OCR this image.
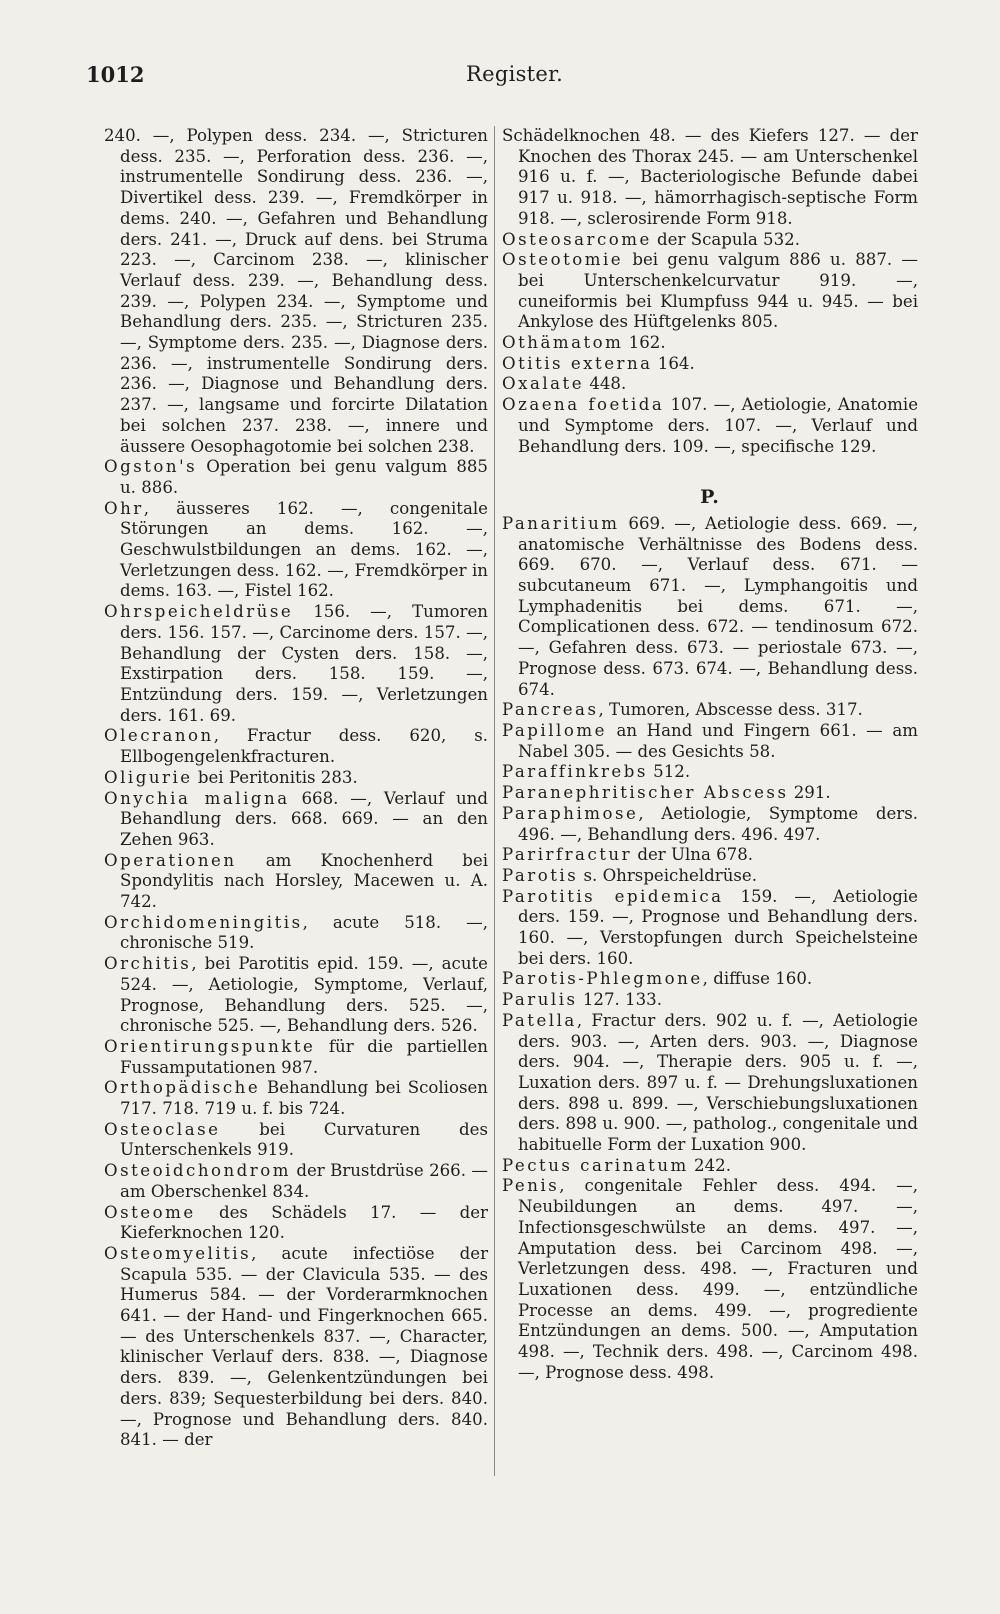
1012	Register.

240. —, Polypen dess. 234. —, Stricturen dess. 235. —, Perforation dess. 236. —, instrumentelle Sondirung dess. 236. —, Divertikel dess. 239. —, Fremdkörper in dems. 240. —, Gefahren und Behandlung ders. 241. —, Druck auf dens. bei Struma 223. —, Carcinom 238. —, klinischer Verlauf dess. 239. —, Behandlung dess. 239. —, Polypen 234. —, Symptome und Behandlung ders. 235. —, Stricturen 235. —, Symptome ders. 235. —, Diagnose ders. 236. —, instrumentelle Sondirung ders. 236. —, Diagnose und Behandlung ders. 237. —, langsame und forcirte Dilatation bei solchen 237. 238. —, innere und äussere Oesophagotomie bei solchen 238.

Ogston's Operation bei genu valgum 885 u. 886.

Ohr, äusseres 162. —, congenitale Störungen an dems. 162. —, Geschwulstbildungen an dems. 162. —, Verletzungen dess. 162. —, Fremdkörper in dems. 163. —, Fistel 162.

Ohrspeicheldrüse 156. —, Tumoren ders. 156. 157. —, Carcinome ders. 157. —, Behandlung der Cysten ders. 158. —, Exstirpation ders. 158. 159. —, Entzündung ders. 159. —, Verletzungen ders. 161. 69.

Olecranon, Fractur dess. 620, s. Ellbogengelenkfracturen.

Oligurie bei Peritonitis 283.

Onychia maligna 668. —, Verlauf und Behandlung ders. 668. 669. — an den Zehen 963.

Operationen am Knochenherd bei Spondylitis nach Horsley, Macewen u. A. 742.

Orchidomeningitis, acute 518. —, chronische 519.

Orchitis, bei Parotitis epid. 159. —, acute 524. —, Aetiologie, Symptome, Verlauf, Prognose, Behandlung ders. 525. —, chronische 525. —, Behandlung ders. 526.

Orientirungspunkte für die partiellen Fussamputationen 987.

Orthopädische Behandlung bei Scoliosen 717. 718. 719 u. f. bis 724.

Osteoclase bei Curvaturen des Unterschenkels 919.

Osteoidchondrom der Brustdrüse 266. — am Oberschenkel 834.

Osteome des Schädels 17. — der Kieferknochen 120.

Osteomyelitis, acute infectiöse der Scapula 535. — der Clavicula 535. — des Humerus 584. — der Vorderarmknochen 641. — der Hand- und Fingerknochen 665. — des Unterschenkels 837. —, Character, klinischer Verlauf ders. 838. —, Diagnose ders. 839. —, Gelenkentzündungen bei ders. 839; Sequesterbildung bei ders. 840. —, Prognose und Behandlung ders. 840. 841. — der

Schädelknochen 48. — des Kiefers 127. — der Knochen des Thorax 245. — am Unterschenkel 916 u. f. —, Bacteriologische Befunde dabei 917 u. 918. —, hämorrhagisch-septische Form 918. —, sclerosirende Form 918.

Osteosarcome der Scapula 532.

Osteotomie bei genu valgum 886 u. 887. — bei Unterschenkelcurvatur 919. —, cuneiformis bei Klumpfuss 944 u. 945. — bei Ankylose des Hüftgelenks 805.

Othämatom 162.

Otitis externa 164.

Oxalate 448.

Ozaena foetida 107. —, Aetiologie, Anatomie und Symptome ders. 107. —, Verlauf und Behandlung ders. 109. —, specifische 129.

P.

Panaritium 669. —, Aetiologie dess. 669. —, anatomische Verhältnisse des Bodens dess. 669. 670. —, Verlauf dess. 671. — subcutaneum 671. —, Lymphangoitis und Lymphadenitis bei dems. 671. —, Complicationen dess. 672. — tendinosum 672. —, Gefahren dess. 673. — periostale 673. —, Prognose dess. 673. 674. —, Behandlung dess. 674.

Pancreas, Tumoren, Abscesse dess. 317.

Papillome an Hand und Fingern 661. — am Nabel 305. — des Gesichts 58.

Paraffinkrebs 512.

Paranephritischer Abscess 291.

Paraphimose, Aetiologie, Symptome ders. 496. —, Behandlung ders. 496. 497.

Parirfractur der Ulna 678.

Parotis s. Ohrspeicheldrüse.

Parotitis epidemica 159. —, Aetiologie ders. 159. —, Prognose und Behandlung ders. 160. —, Verstopfungen durch Speichelsteine bei ders. 160.

Parotis-Phlegmone, diffuse 160.

Parulis 127. 133.

Patella, Fractur ders. 902 u. f. —, Aetiologie ders. 903. —, Arten ders. 903. —, Diagnose ders. 904. —, Therapie ders. 905 u. f. —, Luxation ders. 897 u. f. — Drehungsluxationen ders. 898 u. 899. —, Verschiebungsluxationen ders. 898 u. 900. —, patholog., congenitale und habituelle Form der Luxation 900.

Pectus carinatum 242.

Penis, congenitale Fehler dess. 494. —, Neubildungen an dems. 497. —, Infectionsgeschwülste an dems. 497. —, Amputation dess. bei Carcinom 498. —, Verletzungen dess. 498. —, Fracturen und Luxationen dess. 499. —, entzündliche Processe an dems. 499. —, progrediente Entzündungen an dems. 500. —, Amputation 498. —, Technik ders. 498. —, Carcinom 498. —, Prognose dess. 498.
